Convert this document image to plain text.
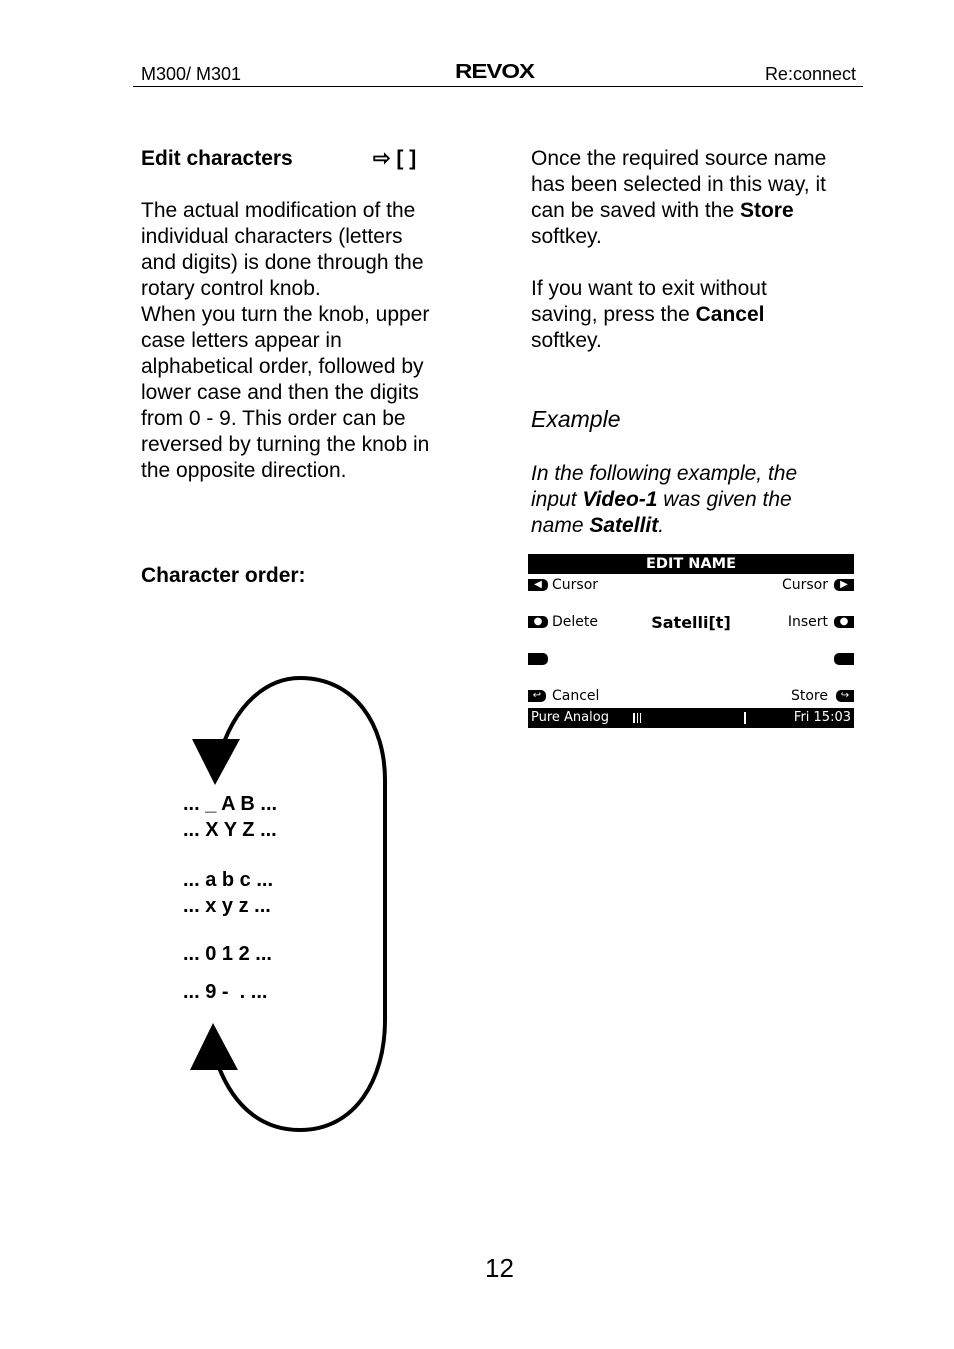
M300/ M301	REVOX	Re:connect
Edit characters	⇨ [ ]
The actual modification of the
individual characters (letters
and digits) is done through the
rotary control knob.
When you turn the knob, upper
case letters appear in
alphabetical order, followed by
lower case and then the digits
from 0 - 9. This order can be
reversed by turning the knob in
the opposite direction.
Character order:
... _ A B ...
... X Y Z ...
... a b c ...
... x y z ...
... 0 1 2 ...
... 9 -  . ...
Once the required source name
has been selected in this way, it
can be saved with the Store
softkey.
If you want to exit without
saving, press the Cancel
softkey.
Example
In the following example, the
input Video-1 was given the
name Satellit.
EDIT NAME
◀ Cursor	Cursor	▶
● Delete	Satelli[t]	Insert	●
↩ Cancel	Store	↪
Pure Analog	Fri 15:03
12
